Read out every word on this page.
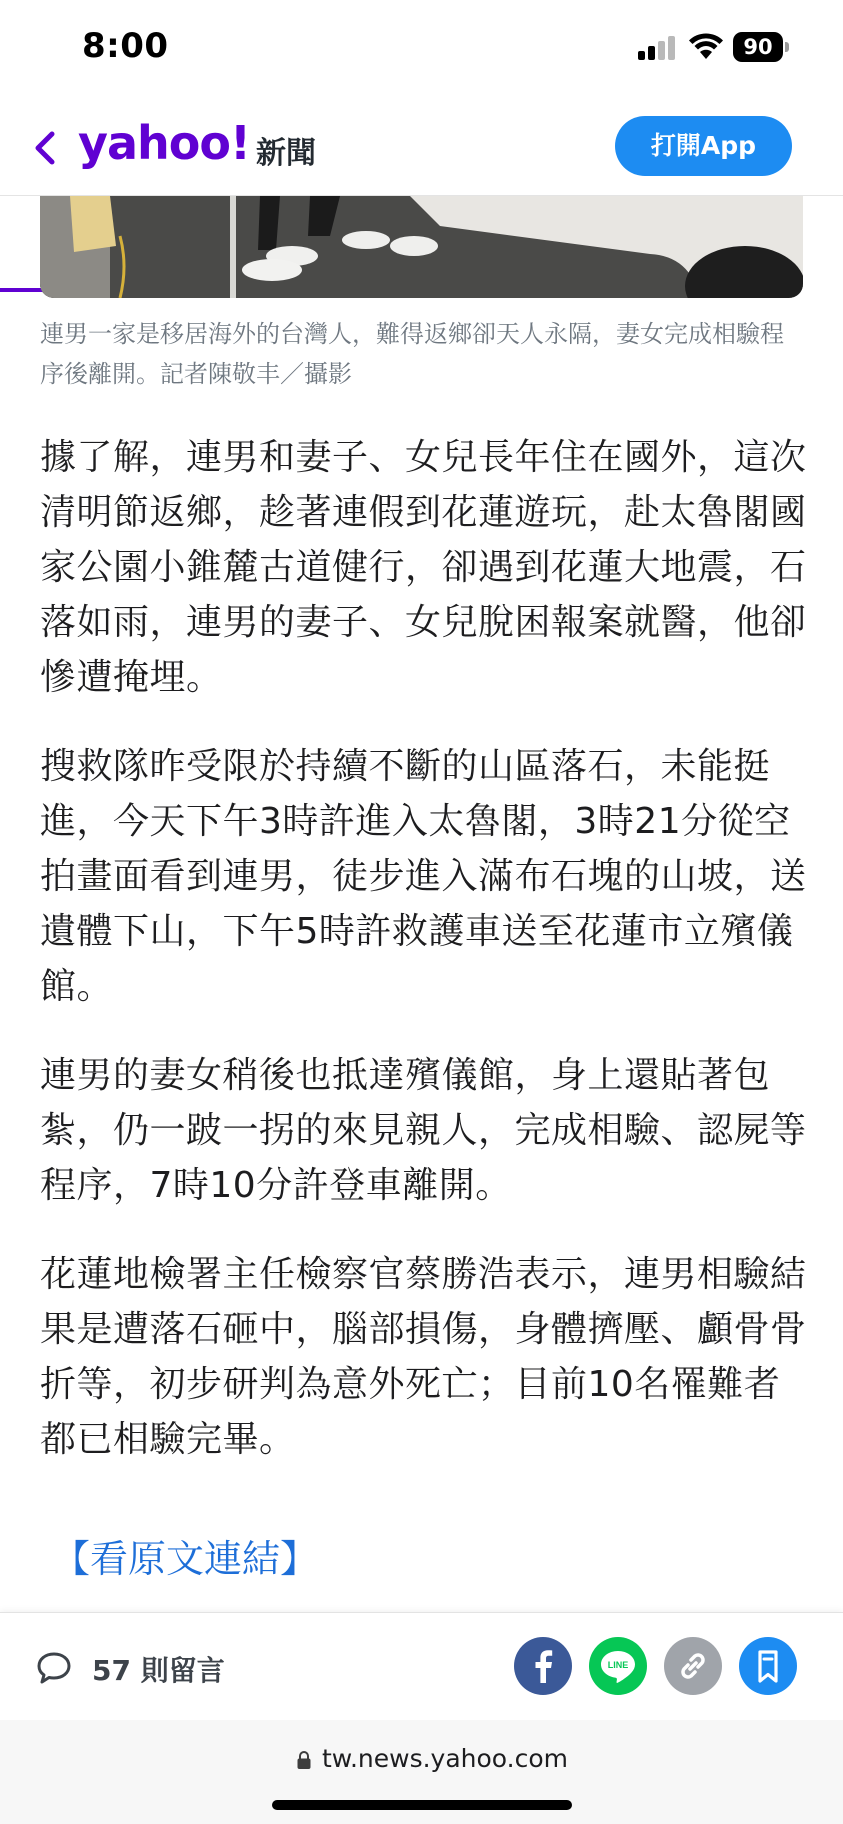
8:00	90
yahoo! 新聞	打開App
連男一家是移居海外的台灣人，難得返鄉卻天人永隔，妻女完成相驗程序後離開。記者陳敬丰／攝影

據了解，連男和妻子、女兒長年住在國外，這次清明節返鄉，趁著連假到花蓮遊玩，赴太魯閣國家公園小錐麓古道健行，卻遇到花蓮大地震，石落如雨，連男的妻子、女兒脫困報案就醫，他卻慘遭掩埋。

搜救隊昨受限於持續不斷的山區落石，未能挺進，今天下午3時許進入太魯閣，3時21分從空拍畫面看到連男，徒步進入滿布石塊的山坡，送遺體下山，下午5時許救護車送至花蓮市立殯儀館。

連男的妻女稍後也抵達殯儀館，身上還貼著包紮，仍一跛一拐的來見親人，完成相驗、認屍等程序，7時10分許登車離開。

花蓮地檢署主任檢察官蔡勝浩表示，連男相驗結果是遭落石砸中，腦部損傷，身體擠壓、顱骨骨折等，初步研判為意外死亡；目前10名罹難者都已相驗完畢。

【看原文連結】
57 則留言	LINE
tw.news.yahoo.com
